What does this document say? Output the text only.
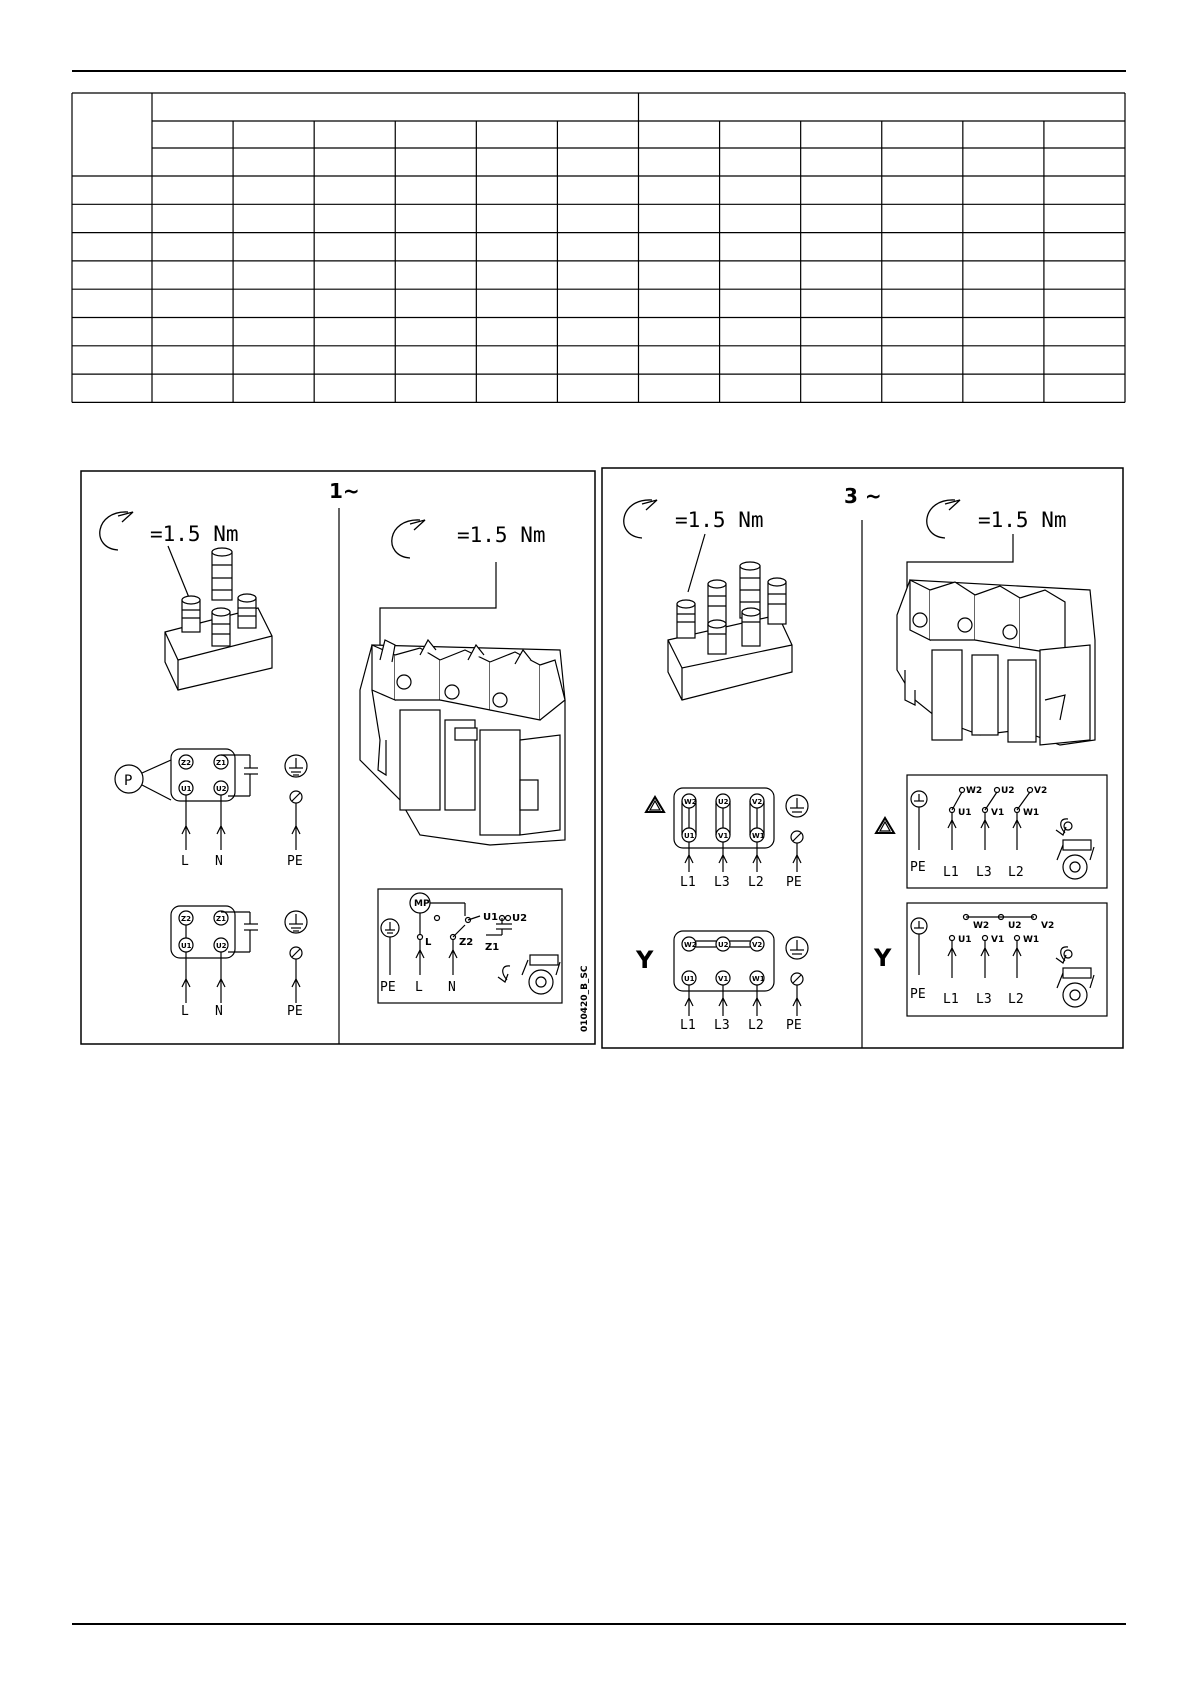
1~
=1.5 Nm
Z2	Z1
U1	U2
P
L N	PE
Z2	Z1
U1	U2
L N	PE
=1.5 Nm
MP
U1 U2
L	Z2 Z1
PE L N	010420_B_SC
3 ~
=1.5 Nm
Δ
W2	U2	V2
U1	V1	W1
L1 L3 L2 PE
Y
W2	U2	V2
U1	V1	W1
L1 L3 L2 PE
=1.5 Nm
Δ
W2 U2 V2
U1 V1 W1
PE L1 L3 L2
Y
W2 U2 V2
U1 V1 W1
PE L1 L3 L2
